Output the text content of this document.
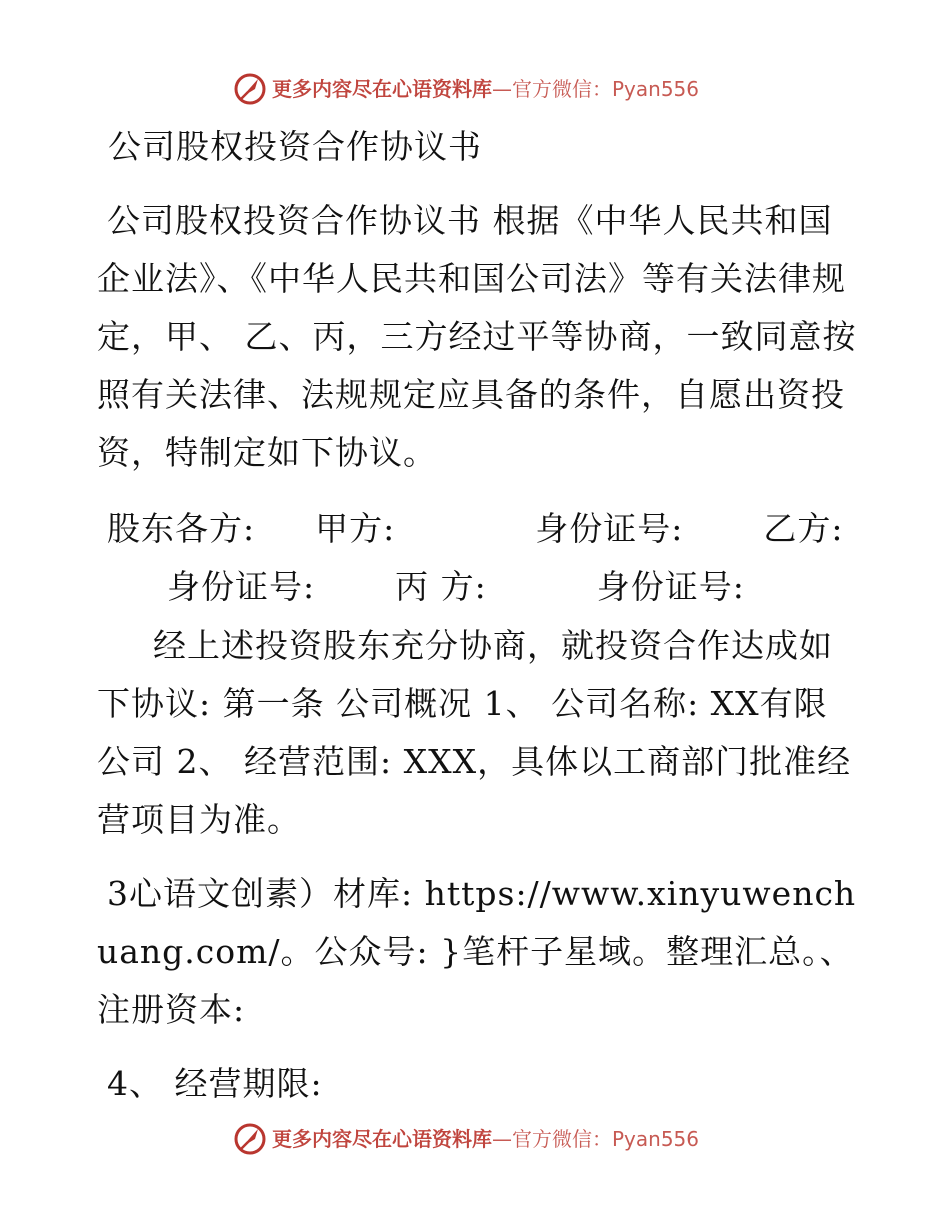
更多内容尽在心语资料库—官方微信：Pyan556
公司股权投资合作协议书
公司股权投资合作协议书 根据《中华人民共和国企业法》、《中华人民共和国公司法》等有关法律规定，甲、 乙、丙，三方经过平等协商，一致同意按照有关法律、法规规定应具备的条件，自愿出资投资，特制定如下协议。
股东各方: 甲方:	身份证号: 乙方:身份证号: 丙 方:	身份证号:
经上述投资股东充分协商，就投资合作达成如下协议: 第一条 公司概况 1、 公司名称: XX有限公司 2、 经营范围: XXX，具体以工商部门批准经营项目为准。
3心语文创素）材库: https://www.xinyuwenchuang.com/。公众号: }笔杆子星域。整理汇总。、 注册资本:
4、 经营期限:
更多内容尽在心语资料库—官方微信：Pyan556
